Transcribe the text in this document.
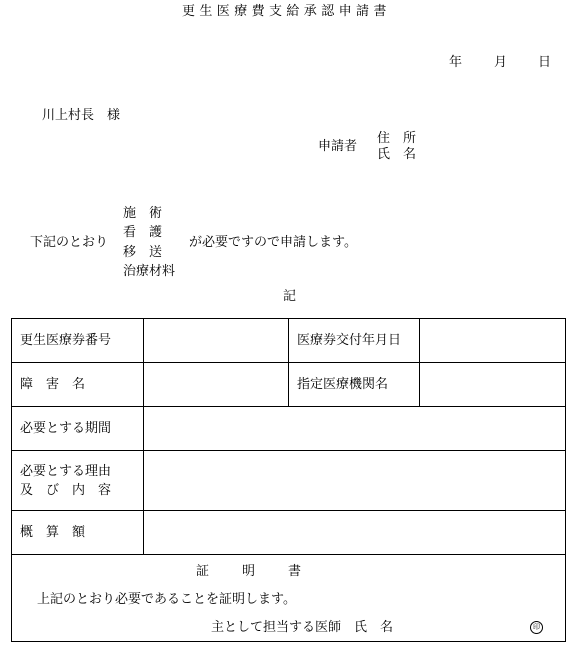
更生医療費支給承認申請書
年 月 日
川上村長　様
申請者
住　所
氏　名
下記のとおり
施　術
看　護
移　送
治療材料
が必要ですので申請します。
記
更生医療券番号	医療券交付年月日
障　害　名	指定医療機関名
必要とする期間
必要とする理由
及　び　内　容
概　算　額
証　明　書
上記のとおり必要であることを証明します。
主として担当する医師　氏　名	印
